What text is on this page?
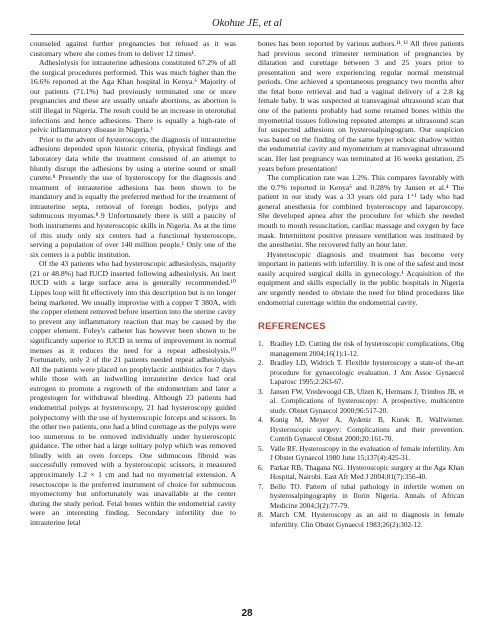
Okohue JE, et al

counseled against further pregnancies but refused as it was customary where she comes from to deliver 12 times¹.

Adhesiolysis for intrauterine adhesions constituted 67.2% of all the surgical procedures performed. This was much higher than the 16.6% reported at the Aga Khan hospital in Kenya.⁶ Majority of our patients (71.1%) had previously terminated one or more pregnancies and these are usually unsafe abortions, as abortion is still illegal in Nigeria. The result could be an increase in uterotubal infections and hence adhesions. There is equally a high-rate of pelvic inflammatory disease in Nigeria.¹

Prior to the advent of hysteroscopy, the diagnosis of intrauterine adhesions depended upon historic criteria, physical findings and laboratory data while the treatment consisted of an attempt to bluntly disrupt the adhesions by using a uterine sound or small curette.⁸ Presently the use of hysteroscopy for the diagnosis and treatment of intrauterine adhesions has been shown to be mandatory and is equally the preferred method for the treatment of intrauterine septa, removal of foreign bodies, polyps and submucous myomas.⁸˒9 Unfortunately there is still a paucity of both instruments and hysteroscopic skills in Nigeria. As at the time of this study only six centers had a functional hysteroscope, serving a population of over 140 million people.¹ Only one of the six centers is a public institution.

Of the 43 patients who had hysteroscopic adhesiolysis, majority (21 or 48.8%) had IUCD inserted following adhesiolysis. An inert IUCD with a large surface area is generally recommended.¹⁰ Lippes loop will fit effectively into this description but is no longer being marketed. We usually improvise with a copper T 380A, with the copper element removed before insertion into the uterine cavity to prevent any inflammatory reaction that may be caused by the copper element. Foley's catheter has however been shown to be significantly superior to IUCD in terms of improvement in normal menses as it reduces the need for a repeat adhesiolysis.¹⁰ Fortunately, only 2 of the 21 patients needed repeat adhesiolysis. All the patients were placed on prophylactic antibiotics for 7 days while those with an indwelling intrauterine device had oral estrogen to promote a regrowth of the endometrium and later a progestogen for withdrawal bleeding. Although 23 patients had endometrial polyps at hysteroscopy, 21 had hysteroscopy guided polypectomy with the use of hysteroscopic forceps and scissors. In the other two patients, one had a blind curettage as the polyps were too numerous to be removed individually under hysteroscopic guidance. The other had a large solitary polyp which was removed blindly with an oven forceps. One submucous fibroid was successfully removed with a hysteroscopic scissors, it measured approximately 1.2 × 1 cm and had no myometrial extension. A resectoscope is the preferred instrument of choice for submucous myomectomy but unfortunately was unavailable at the center during the study period. Fetal bones within the endometrial cavity were an interesting finding. Secondary infertility due to intrauterine fetal

bones has been reported by various authors.¹¹˒¹² All three patients had previous second trimester termination of pregnancies by dilatation and curettage between 3 and 25 years prior to presentation and were experiencing regular normal menstrual periods. One achieved a spontaneous pregnancy two months after the fetal bone retrieval and had a vaginal delivery of a 2.8 kg female baby. It was suspected at transvaginal ultrasound scan that one of the patients probably had some retained bones within the myometrial tissues following repeated attempts at ultrasound scan for suspected adhesions on hysterosalpingogram. Our suspicion was based on the finding of the same hyper echoic shadow within the endometrial cavity and myometrium at transvaginal ultrasound scan. Her last pregnancy was terminated at 16 weeks gestation, 25 years before presentation!

The complication rate was 1.2%. This compares favorably with the 0.7% reported in Kenya⁶ and 0.28% by Jansen et al.⁴ The patient in our study was a 33 years old para 1⁺¹ lady who had general anesthesia for combined hysteroscopy and laparoscopy. She developed apnea after the procedure for which she needed mouth to mouth resuscitation, cardiac massage and oxygen by face mask. Intermittent positive pressure ventilation was instituted by the anesthetist. She recovered fully an hour later.

Hysteroscopic diagnosis and treatment has become very important in patients with infertility. It is one of the safest and most easily acquired surgical skills in gynecology.¹ Acquisition of the equipment and skills especially in the public hospitals in Nigeria are urgently needed to obviate the need for blind procedures like endometrial curettage within the endometrial cavity.

REFERENCES
1. Bradley LD. Cutting the risk of hysteroscopic complications. Obg management 2004;16(1):1-12.
2. Bradley LD, Widrich T. Flexible hysteroscopy a state-of the-art procedure for gynaecologic evaluation. J Am Assoc Gynaecol Laparosc 1995;2:263-67.
3. Jansen FW, Vredevoogd CB, Ulzen K, Hermans J, Trimbos JB, et al. Complications of hysteroscopy: A prospective, multicentre study. Obstet Gynaecol 2000;96:517-20.
4. Konig M, Meyer A, Aydenir B, Kurek R, Wallwiener. Hysteroscopic surgery: Complications and their prevention. Contrib Gynaecol Obstet 2000;20:161-70.
5. Valle RF. Hysteroscopy in the evaluation of female infertility. Am J Obstet Gynaecol 1980 June 15;137(4):425-31.
6. Parkar RB, Thagana NG. Hysteroscopic surgery at the Aga Khan Hospital, Nairobi. East Afr Med J 2004;81(7):356-40.
7. Bello TO. Pattern of tubal pathology in infertile women on hysterosalpingography in Ilorin Nigeria. Annals of African Medicine 2004;3(2):77-79.
8. March CM. Hysteroscopy as an aid to diagnosis in female infertility. Clin Obstet Gynaecol 1983;26(2):302-12.
28
